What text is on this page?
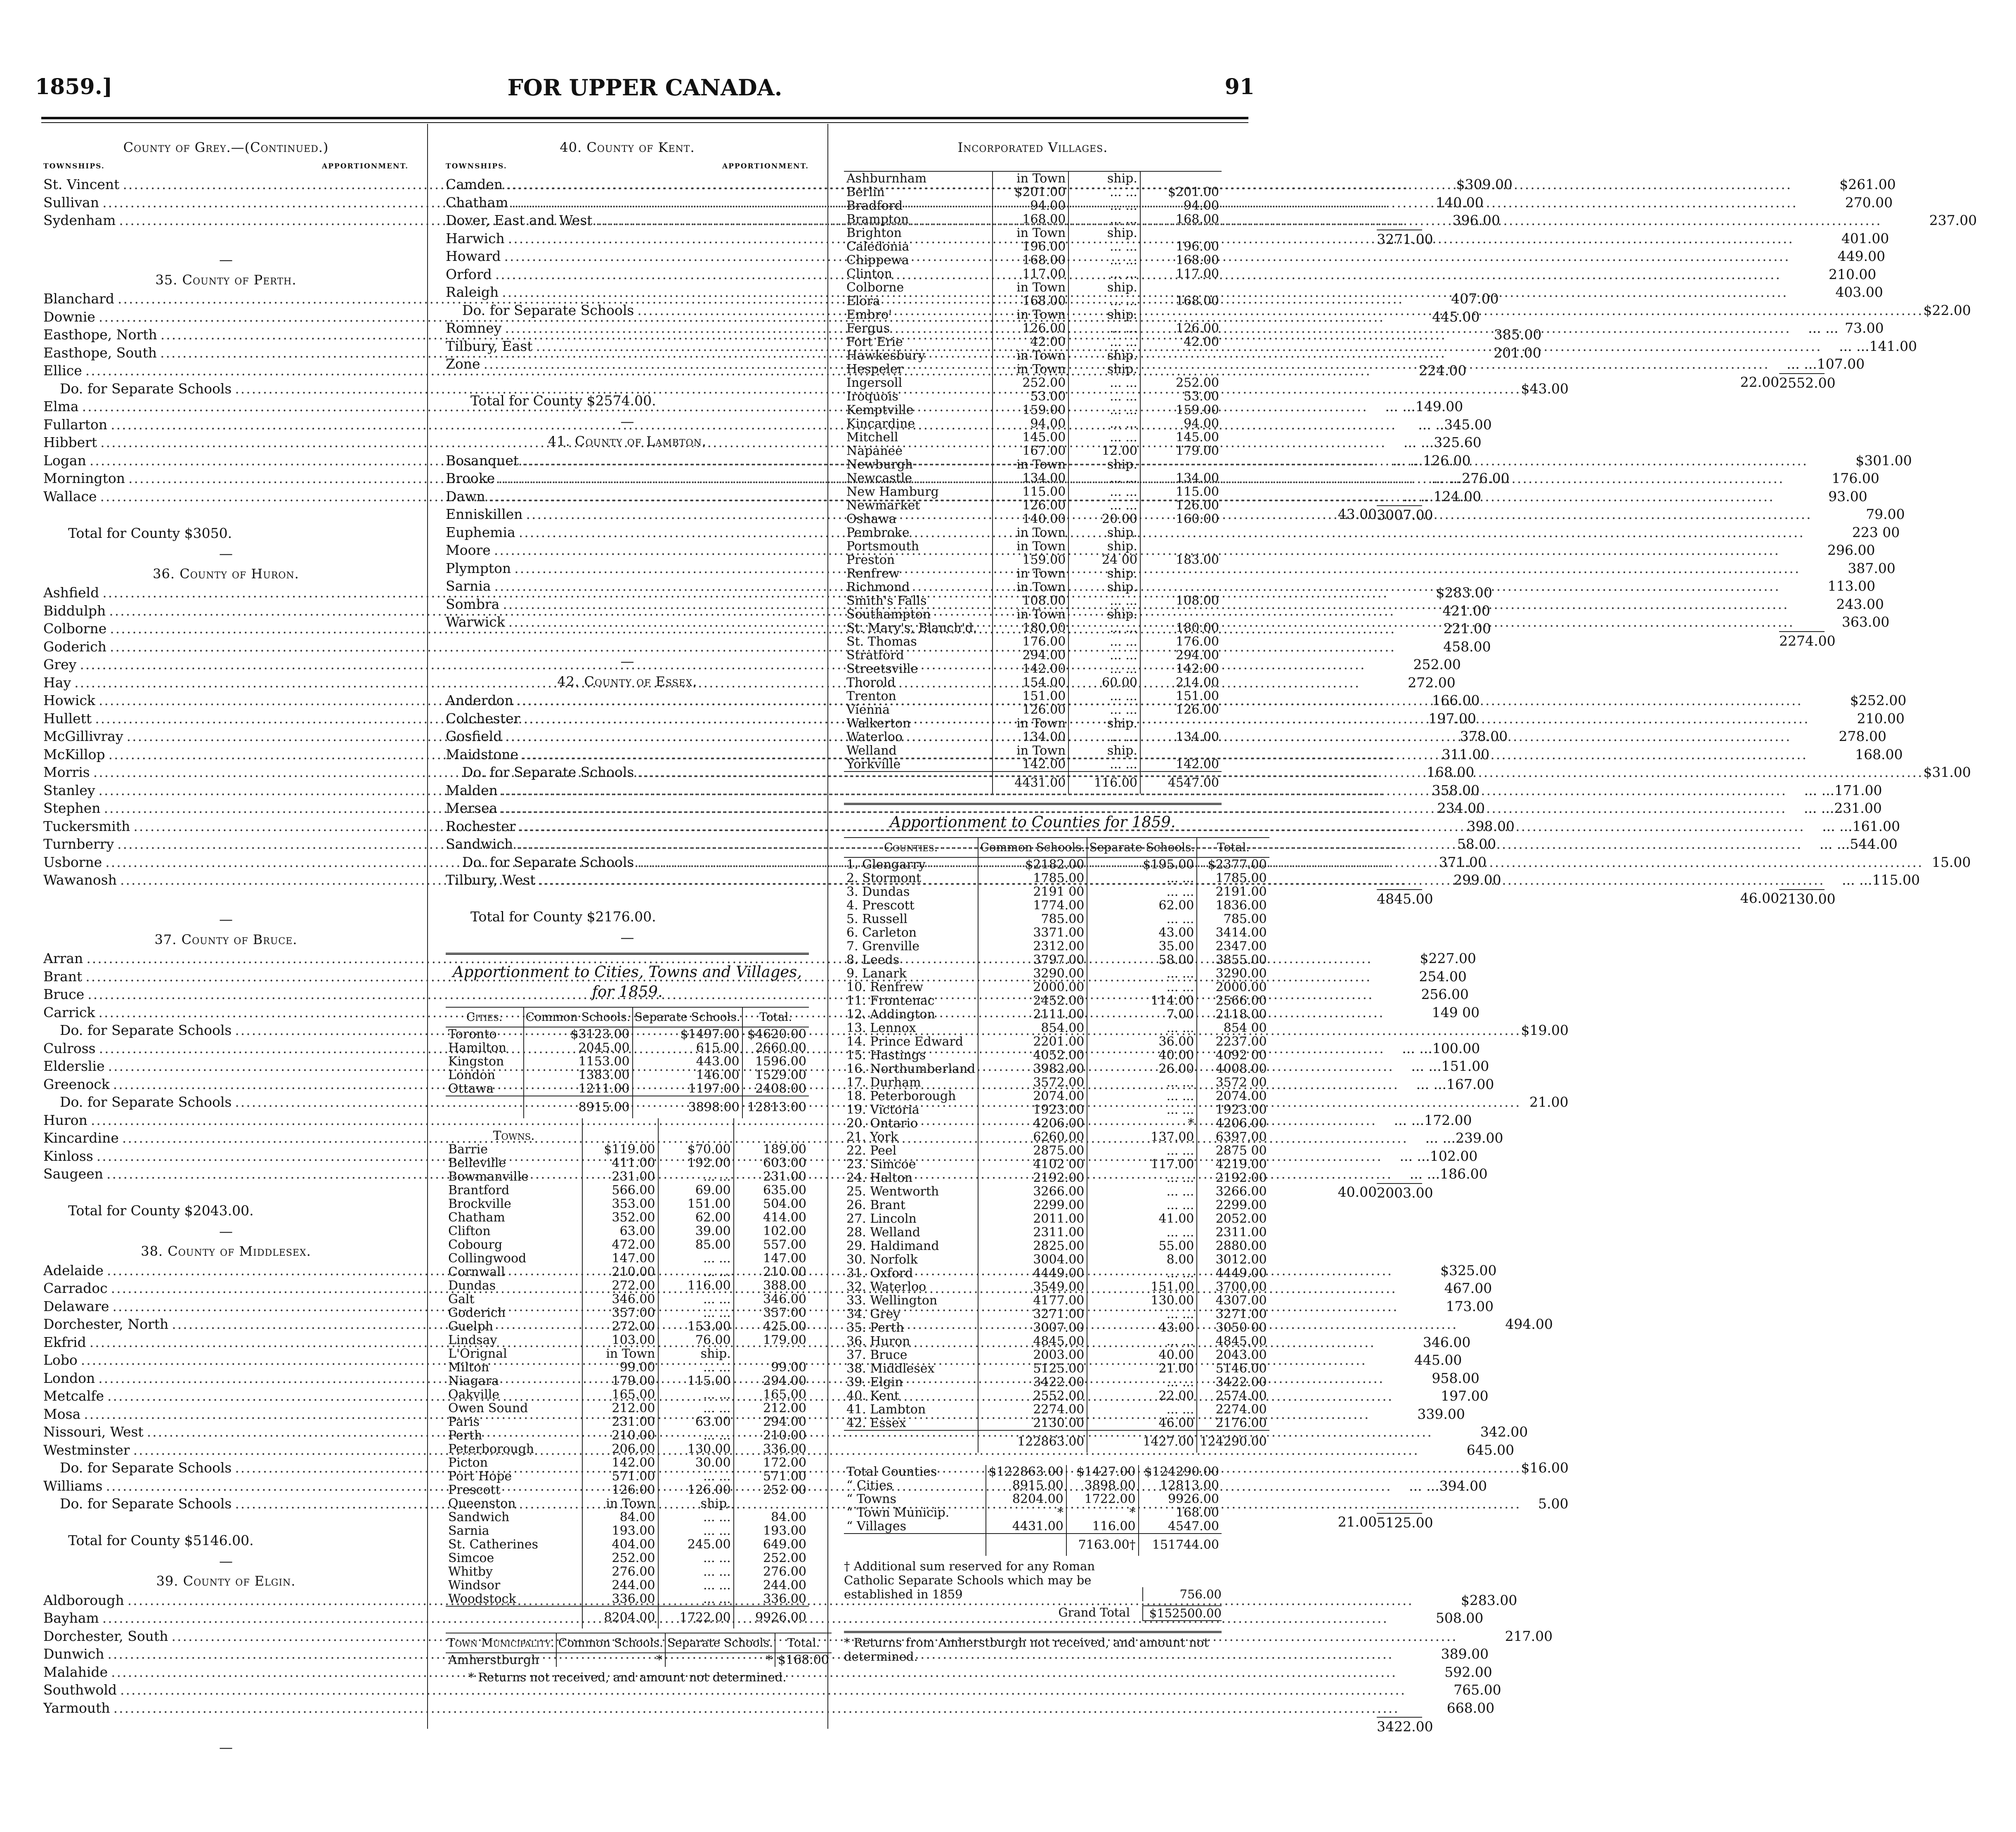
FOR UPPER CANADA.
1859.]	91
County of Grey.—(Continued.)
TOWNSHIPS.	APPORTIONMENT.
St. Vincent .....	$309.00
Sullivan .....	140.00
Sydenham .....	396.00
3271.00
—
35. County of Perth.
Blanchard .....	407.00
Downie .....	445.00
Easthope, North .....	385.00
Easthope, South .....	201.00
Ellice .....	224.00
Do. for Separate Schools .....	$43.00
Elma .....	... ... 149.00
Fullarton .....	... .. 345.00
Hibbert .....	... ... 325.60
Logan .....	... ... 126.00
Mornington .....	... ... 276.00
Wallace .....	... ... 124.00
43.00 3007.00
Total for County $3050.
—
36. County of Huron.
Ashfield .....	$283.00
Biddulph .....	421.00
Colborne .....	221.00
Goderich .....	458.00
Grey .....	252.00
Hay .....	272.00
Howick .....	166.00
Hullett .....	197.00
McGillivray .....	378.00
McKillop .....	311.00
Morris .....	168.00
Stanley .....	358.00
Stephen .....	234.00
Tuckersmith .....	398.00
Turnberry .....	58.00
Usborne .....	371.00
Wawanosh .....	299.00
4845.00
—
37. County of Bruce.
Arran .....	$227.00
Brant .....	254.00
Bruce .....	256.00
Carrick .....	149 00
Do. for Separate Schools .....	$19.00
Culross .....	... ... 100.00
Elderslie .....	... ... 151.00
Greenock .....	... ... 167.00
Do. for Separate Schools .....	21.00
Huron .....	... ... 172.00
Kincardine .....	... ... 239.00
Kinloss .....	... ... 102.00
Saugeen .....	... ... 186.00
40.00 2003.00
Total for County $2043.00.
—
38. County of Middlesex.
Adelaide .....	$325.00
Carradoc .....	467.00
Delaware .....	173.00
Dorchester, North .....	494.00
Ekfrid .....	346.00
Lobo .....	445.00
London .....	958.00
Metcalfe .....	197.00
Mosa .....	339.00
Nissouri, West .....	342.00
Westminster .....	645.00
Do. for Separate Schools .....	$16.00
Williams .....	... ... 394.00
Do. for Separate Schools .....	5.00
21.00 5125.00
Total for County $5146.00.
—
39. County of Elgin.
Aldborough .....	$283.00
Bayham .....	508.00
Dorchester, South .....	217.00
Dunwich .....	389.00
Malahide .....	592.00
Southwold .....	765.00
Yarmouth .....	668.00
3422.00
—
40. County of Kent.
TOWNSHIPS.	APPORTIONMENT.
Camden .....	$261.00
Chatham .....	270.00
Dover, East and West .....	237.00
Harwich .....	401.00
Howard .....	449.00
Orford .....	210.00
Raleigh .....	403.00
Do. for Separate Schools .....	$22.00
Romney .....	... ... 73.00
Tilbury, East .....	... ... 141.00
Zone .....	... ... 107.00
22.00 2552.00
Total for County $2574.00.
—
41. County of Lambton.
Bosanquet .....	$301.00
Brooke .....	176.00
Dawn .....	93.00
Enniskillen .....	79.00
Euphemia .....	223 00
Moore .....	296.00
Plympton .....	387.00
Sarnia .....	113.00
Sombra .....	243.00
Warwick .....	363.00
2274.00
—
42. County of Essex.
Anderdon .....	$252.00
Colchester .....	210.00
Gosfield .....	278.00
Maidstone .....	168.00
Do. for Separate Schools .....	$31.00
Malden .....	... ... 171.00
Mersea .....	... ... 231.00
Rochester .....	... ... 161.00
Sandwich .....	... ... 544.00
Do. for Separate Schools .....	15.00
Tilbury, West .....	... ... 115.00
46.00 2130.00
Total for County $2176.00.
—
Apportionment to Cities, Towns and Villages, for 1859.
Cities.	Common Schools.	Separate Schools.	Total.
Toronto	$3123.00	$1497.00	$4620.00
Hamilton	2045.00	615.00	2660.00
Kingston	1153.00	443.00	1596.00
London	1383.00	146.00	1529.00
Ottawa	1211.00	1197.00	2408.00
	8915.00	3898.00	12813.00
Towns.			
Barrie	$119.00	$70.00	189.00
Belleville	411.00	192.00	603.00
Bowmanville	231.00	... ...	231.00
Brantford	566.00	69.00	635.00
Brockville	353.00	151.00	504.00
Chatham	352.00	62.00	414.00
Clifton	63.00	39.00	102.00
Cobourg	472.00	85.00	557.00
Collingwood	147.00	... ...	147.00
Cornwall	210.00	... ...	210 00
Dundas	272.00	116.00	388.00
Galt	346.00	... ...	346.00
Goderich	357.00	... ...	357.00
Guelph	272.00	153.00	425.00
Lindsay	103.00	76.00	179.00
L'Orignal	in Town	ship.	
Milton	99.00	... ...	99.00
Niagara	179.00	115.00	294.00
Oakville	165.00	... ...	165.00
Owen Sound	212.00	... ...	212.00
Paris	231.00	63.00	294.00
Perth	210.00	... ...	210.00
Peterborough	206.00	130.00	336.00
Picton	142.00	30.00	172.00
Port Hope	571.00	... ...	571.00
Prescott	126.00	126.00	252 00
Queenston	in Town	ship.	
Sandwich	84.00	... ...	84.00
Sarnia	193.00	... ...	193.00
St. Catherines	404.00	245.00	649.00
Simcoe	252.00	... ...	252.00
Whitby	276.00	... ...	276.00
Windsor	244.00	... ...	244.00
Woodstock	336.00	... ...	336.00
	8204.00	1722.00	9926.00
Town Municipality.	Common Schools.	Separate Schools.	Total.
Amherstburgh	*	*	$168.00
* Returns not received, and amount not determined.
Incorporated Villages.
Ashburnham	in Town	ship.	
Berlin	$201.00	... ...	$201.00
Bradford	94.00	... ...	94.00
Brampton	168.00	... ...	168.00
Brighton	in Town	ship.	
Caledonia	196.00	... ...	196.00
Chippewa	168.00	... ...	168.00
Clinton	117.00	... ...	117.00
Colborne	in Town	ship.	
Elora	168.00	... ...	168.00
Embro'	in Town	ship.	
Fergus	126.00	... ...	126.00
Fort Erie	42.00	... ...	42.00
Hawkesbury	in Town	ship.	
Hespeler	in Town	ship.	
Ingersoll	252.00	... ...	252.00
Iroquois	53.00	... ...	53.00
Kemptville	159.00	... ...	159.00
Kincardine	94.00	... ...	94.00
Mitchell	145.00	... ...	145.00
Napanee	167.00	12.00	179.00
Newburgh	in Town	ship.	
Newcastle	134.00	... ...	134.00
New Hamburg	115.00	... ...	115.00
Newmarket	126.00	... ...	126.00
Oshawa	140.00	20.00	160.00
Pembroke	in Town	ship.	
Portsmouth	in Town	ship.	
Preston	159.00	24 00	183.00
Renfrew	in Town	ship.	
Richmond	in Town	ship.	
Smith's Falls	108.00	... ...	108.00
Southampton	in Town	ship.	
St. Mary's, Blanch'd.	180.00	... ...	180.00
St. Thomas	176.00	... ...	176.00
Stratford	294.00	... ...	294.00
Streetsville	142.00	... ...	142.00
Thorold	154.00	60.00	214.00
Trenton	151.00	... ...	151.00
Vienna	126.00	... ...	126.00
Walkerton	in Town	ship.	
Waterloo	134.00	... ...	134.00
Welland	in Town	ship.	
Yorkville	142.00	... ...	142.00
	4431.00	116.00	4547.00
Apportionment to Counties for 1859.
Counties.	Common Schools.	Separate Schools.	Total.
1. Glengarry	$2182.00	$195.00	$2377.00
2. Stormont	1785.00	... ...	1785.00
3. Dundas	2191 00	... ...	2191.00
4. Prescott	1774.00	62.00	1836.00
5. Russell	785.00	... ...	785.00
6. Carleton	3371.00	43.00	3414.00
7. Grenville	2312.00	35.00	2347.00
8. Leeds	3797.00	58.00	3855.00
9. Lanark	3290.00	... ...	3290.00
10. Renfrew	2000.00	... ...	2000.00
11. Frontenac	2452.00	114.00	2566.00
12. Addington	2111.00	7.00	2118.00
13. Lennox	854.00	... ...	854 00
14. Prince Edward	2201.00	36.00	2237.00
15. Hastings	4052.00	40.00	4092 00
16. Northumberland	3982.00	26.00	4008.00
17. Durham	3572.00	... ...	3572 00
18. Peterborough	2074.00	... ...	2074.00
19. Victoria	1923.00	... ...	1923.00
20. Ontario	4206.00	*	4206.00
21. York	6260.00	137.00	6397.00
22. Peel	2875.00	... ...	2875 00
23. Simcoe	4102 00	117.00	4219.00
24. Halton	2192.00	... ...	2192.00
25. Wentworth	3266.00	... ...	3266.00
26. Brant	2299.00	... ...	2299.00
27. Lincoln	2011.00	41.00	2052.00
28. Welland	2311.00	... ...	2311.00
29. Haldimand	2825.00	55.00	2880.00
30. Norfolk	3004.00	8.00	3012.00
31. Oxford	4449.00	... ...	4449.00
32. Waterloo	3549.00	151.00	3700.00
33. Wellington	4177.00	130.00	4307.00
34. Grey	3271.00	... ...	3271.00
35. Perth	3007.00	43.00	3050 00
36. Huron	4845.00	... ...	4845.00
37. Bruce	2003.00	40.00	2043.00
38. Middlesex	5125.00	21.00	5146.00
39. Elgin	3422.00	... ...	3422.00
40. Kent	2552.00	22.00	2574.00
41. Lambton	2274.00	... ...	2274.00
42. Essex	2130.00	46.00	2176.00
	122863.00	1427.00	124290.00
Total Counties	$122863.00	$1427.00	$124290.00
“ Cities	8915.00	3898.00	12813.00
“ Towns	8204.00	1722.00	9926.00
“ Town Municip.	*	*	168.00
“ Villages	4431.00	116.00	4547.00
		7163.00†	151744.00
† Additional sum reserved for any Roman Catholic Separate Schools which may be established in 1859	756.00
Grand Total	$152500.00
* Returns from Amherstburgh not received, and amount not determined.
